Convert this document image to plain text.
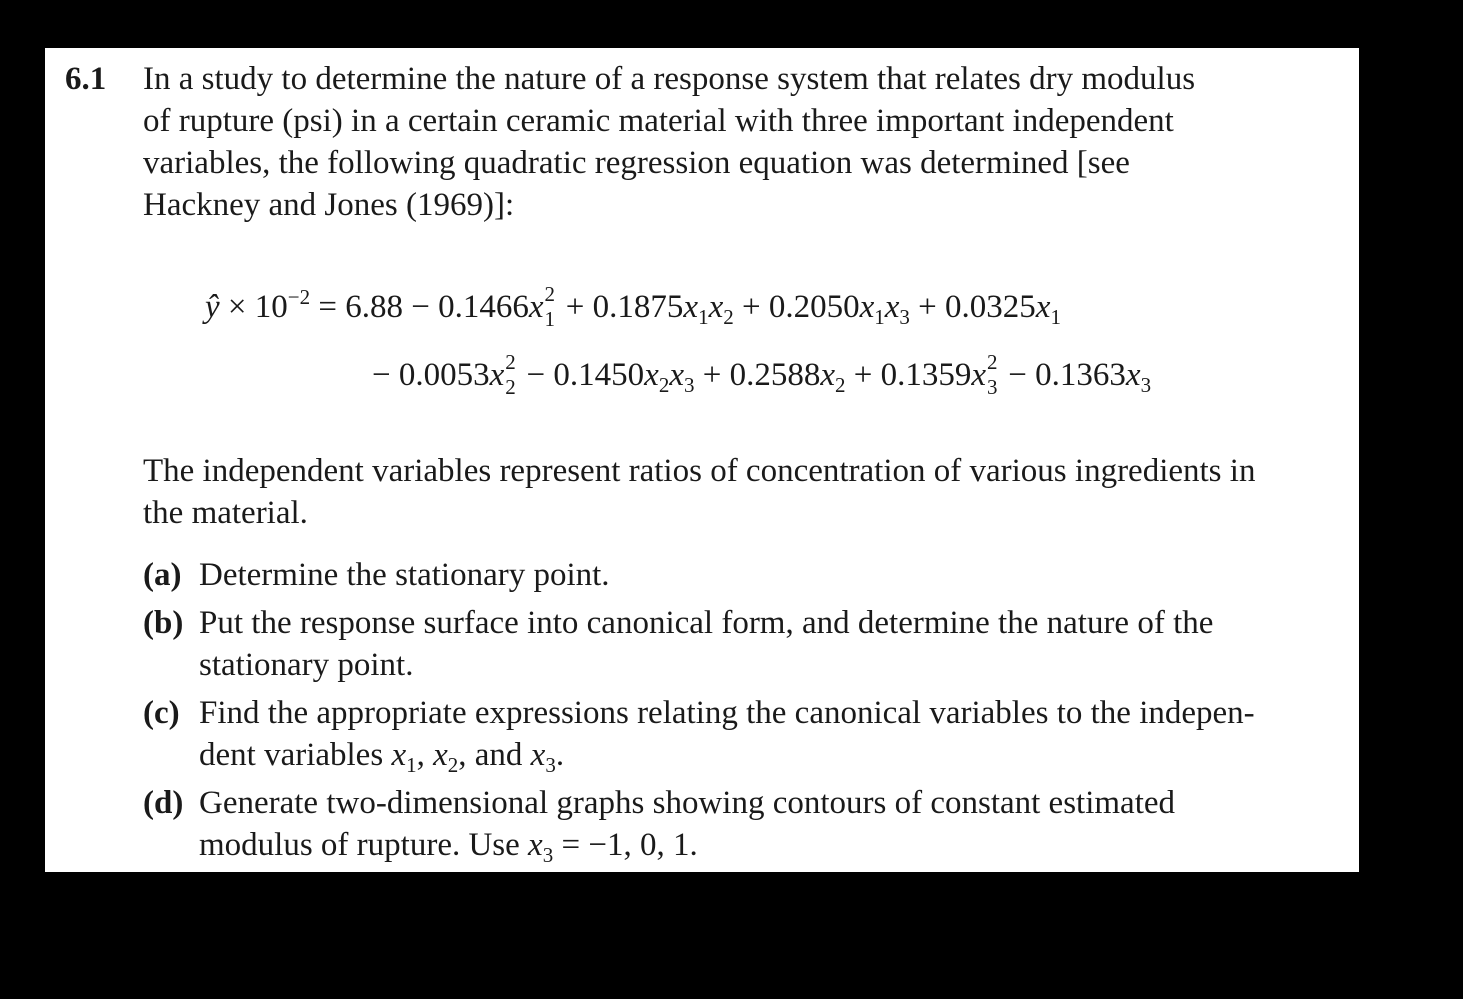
6.1 In a study to determine the nature of a response system that relates dry modulus
of rupture (psi) in a certain ceramic material with three important independent
variables, the following quadratic regression equation was determined [see
Hackney and Jones (1969)]:
ŷ × $10^{-2} = 6.88 - 0.1466x$ 2
$1 + 0.1875x_1x_2 + 0.2050x_1x_3 + 0.0325x_1$
− 0.0053x 2
$2 - 0.1450x_2x_3 + 0.2588x_2 + 0.1359x$ 2
$3 - 0.1363x_3$
The independent variables represent ratios of concentration of various ingredients in
the material.
(a) Determine the stationary point.
(b) Put the response surface into canonical form, and determine the nature of the
stationary point.
(c) Find the appropriate expressions relating the canonical variables to the indepen-
dent variables $x_1$, $x_2$, and $x_3$.
(d) Generate two-dimensional graphs showing contours of constant estimated
modulus of rupture. Use $x_3 = -1$, 0, 1.
